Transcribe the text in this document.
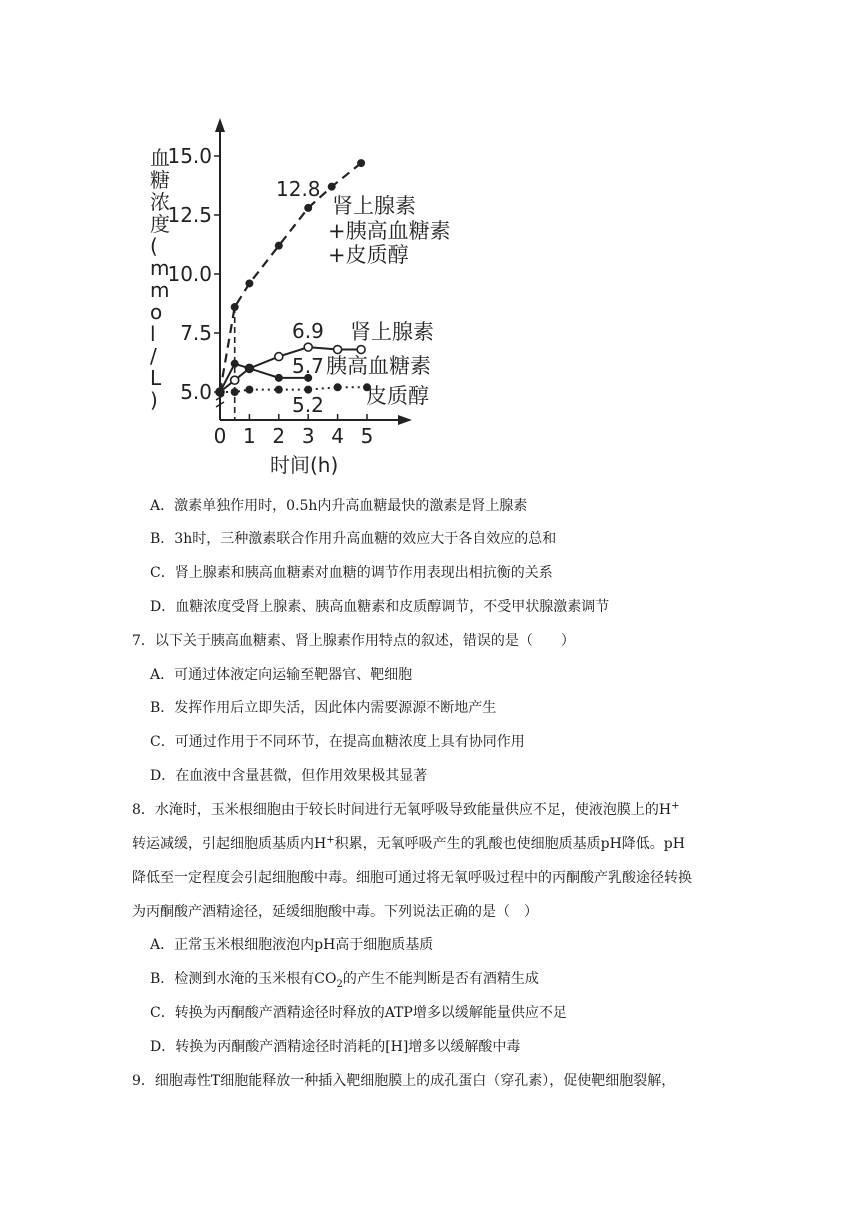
血糖浓度( m m o l / L )
15.0
12.5
10.0
7.5
5.0
0 1 2 3 4 5
时间(h)
12.8
肾上腺素
+胰高血糖素
+皮质醇
6.9 肾上腺素
5.7 胰高血糖素
皮质醇
5.2
A．激素单独作用时，0.5h内升高血糖最快的激素是肾上腺素
B．3h时，三种激素联合作用升高血糖的效应大于各自效应的总和
C．肾上腺素和胰高血糖素对血糖的调节作用表现出相抗衡的关系
D．血糖浓度受肾上腺素、胰高血糖素和皮质醇调节，不受甲状腺激素调节
7．以下关于胰高血糖素、肾上腺素作用特点的叙述，错误的是（　　）
A．可通过体液定向运输至靶器官、靶细胞
B．发挥作用后立即失活，因此体内需要源源不断地产生
C．可通过作用于不同环节，在提高血糖浓度上具有协同作用
D．在血液中含量甚微，但作用效果极其显著
8．水淹时，玉米根细胞由于较长时间进行无氧呼吸导致能量供应不足，使液泡膜上的H+
转运减缓，引起细胞质基质内H+积累，无氧呼吸产生的乳酸也使细胞质基质pH降低。pH
降低至一定程度会引起细胞酸中毒。细胞可通过将无氧呼吸过程中的丙酮酸产乳酸途径转换
为丙酮酸产酒精途径，延缓细胞酸中毒。下列说法正确的是（　）
A．正常玉米根细胞液泡内pH高于细胞质基质
B．检测到水淹的玉米根有$CO_2$的产生不能判断是否有酒精生成
C．转换为丙酮酸产酒精途径时释放的ATP增多以缓解能量供应不足
D．转换为丙酮酸产酒精途径时消耗的[H]增多以缓解酸中毒
9．细胞毒性T细胞能释放一种插入靶细胞膜上的成孔蛋白（穿孔素），促使靶细胞裂解，
